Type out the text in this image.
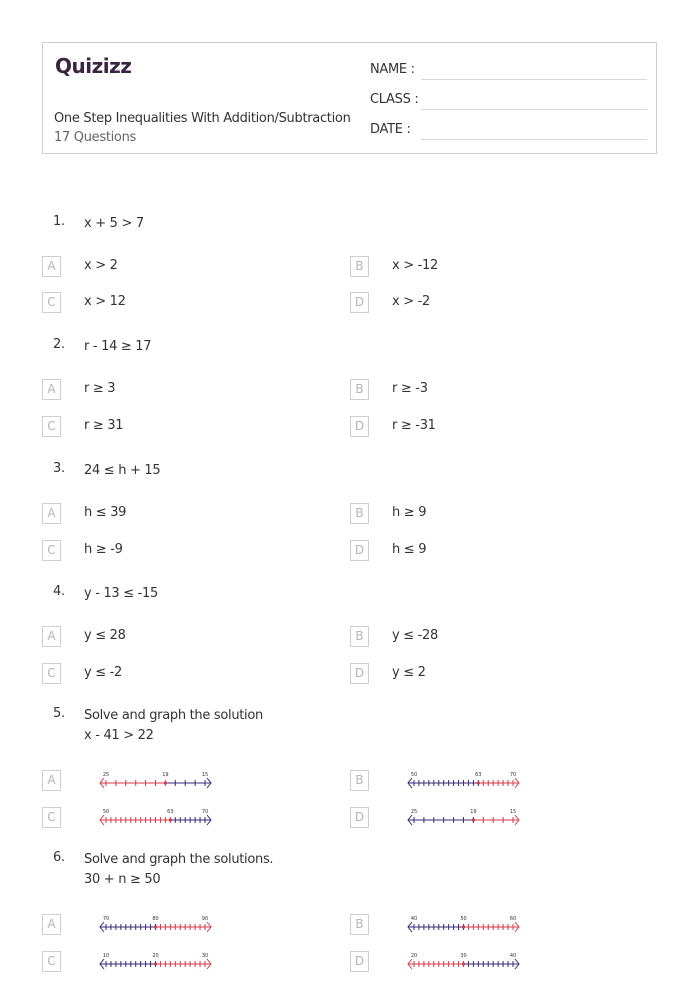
Quizizz
One Step Inequalities With Addition/Subtraction
17 Questions
NAME :
CLASS :
DATE :
1. x + 5 > 7
A	x > 2	B	x > -12
C	x > 12	D	x > -2
2. r - 14 ≥ 17
A	r ≥ 3	B	r ≥ -3
C	r ≥ 31	D	r ≥ -31
3. 24 ≤ h + 15
A	h ≤ 39	B	h ≥ 9
C	h ≥ -9	D	h ≤ 9
4. y - 13 ≤ -15
A	y ≤ 28	B	y ≤ -28
C	y ≤ -2	D	y ≤ 2
5. Solve and graph the solution
x - 41 > 22
A	25	19	15	B	50	63	70
C	50	63	70	D	25	19	15
6. Solve and graph the solutions.
30 + n ≥ 50
A	70	80	90	B	40	50	60
C	10	20	30	D	20	30	40
